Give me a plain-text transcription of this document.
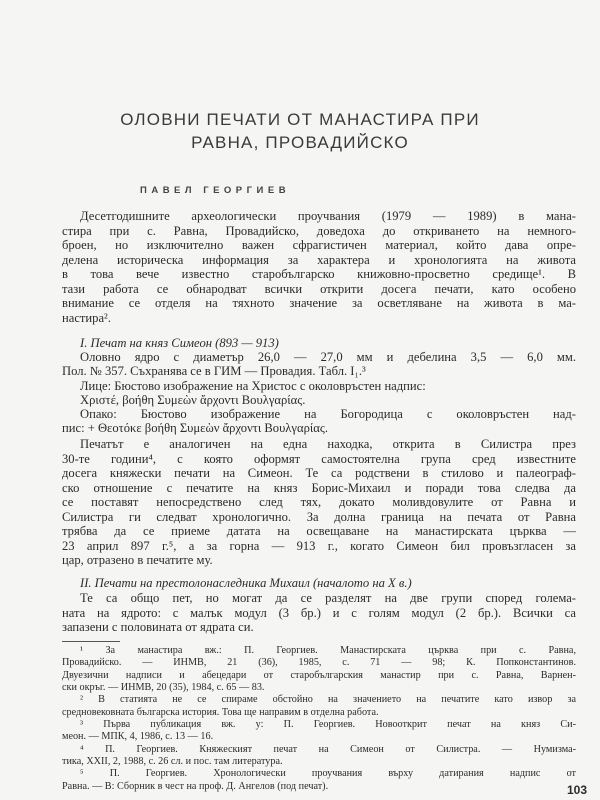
ОЛОВНИ ПЕЧАТИ ОТ МАНАСТИРА ПРИ
РАВНА, ПРОВАДИЙСКО
ПАВЕЛ ГЕОРГИЕВ
Десетгодишните археологически проучвания (1979 — 1989) в мана-
стира при с. Равна, Провадийско, доведоха до откриването на немного-
броен, но изключително важен сфрагистичен материал, който дава опре-
делена историческа информация за характера и хронологията на живота
в това вече известно старобългарско книжовно-просветно средище¹. В
тази работа се обнародват всички открити досега печати, като особено
внимание се отделя на тяхното значение за осветляване на живота в ма-
настира².
I. Печат на княз Симеон (893 — 913)
Оловно ядро с диаметър 26,0 — 27,0 мм и дебелина 3,5 — 6,0 мм.
Пол. № 357. Съхранява се в ГИМ — Провадия. Табл. I₁.³
Лице: Бюстово изображение на Христос с околовръстен надпис:
Χριστέ, βοήθη Συμεὼν ἄρχοντι Βουλγαρίας.
Опако: Бюстово изображение на Богородица с околовръстен над-
пис: + Θεοτόκε βοήθη Συμεὼν ἄρχοντι Βουλγαρίας.
Печатът е аналогичен на една находка, открита в Силистра през
30-те години⁴, с която оформят самостоятелна група сред известните
досега княжески печати на Симеон. Те са родствени в стилово и палеограф-
ско отношение с печатите на княз Борис-Михаил и поради това следва да
се поставят непосредствено след тях, докато моливдовулите от Равна и
Силистра ги следват хронологично. За долна граница на печата от Равна
трябва да се приеме датата на освещаване на манастирската църква —
23 април 897 г.⁵, а за горна — 913 г., когато Симеон бил провъзгласен за
цар, отразено в печатите му.
II. Печати на престолонаследника Михаил (началото на X в.)
Те са общо пет, но могат да се разделят на две групи според голема-
ната на ядрото: с малък модул (3 бр.) и с голям модул (2 бр.). Всички са
запазени с половината от ядрата си.
¹ За манастира вж.: П. Георгиев. Манастирската църква при с. Равна,
Провадийско. — ИНМВ, 21 (36), 1985, с. 71 — 98; К. Попконстантинов.
Двуезични надписи и абецедари от старобългарския манастир при с. Равна, Варнен-
ски окръг. — ИНМВ, 20 (35), 1984, с. 65 — 83.
² В статията не се спираме обстойно на значението на печатите като извор за
средновековната българска история. Това ще направим в отделна работа.
³ Първа публикация вж. у: П. Георгиев. Новооткрит печат на княз Си-
меон. — МПК, 4, 1986, с. 13 — 16.
⁴ П. Георгиев. Княжеският печат на Симеон от Силистра. — Нумизма-
тика, XXII, 2, 1988, с. 26 сл. и пос. там литература.
⁵ П. Георгиев. Хронологически проучвания върху датирания надпис от
Равна. — В: Сборник в чест на проф. Д. Ангелов (под печат).	103
